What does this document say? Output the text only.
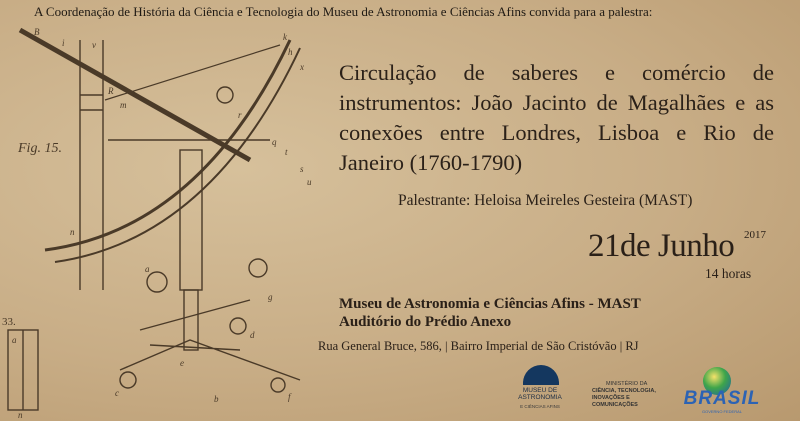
Fig. 15.
33.
B
i	v
k
h
x
R
m
r
q
t
s
n
a
g
d
e
c	f
b
u
a
n
A Coordenação de História da Ciência e Tecnologia do Museu de Astronomia e Ciências Afins convida para a palestra:
Circulação de saberes e comércio de instrumentos: João Jacinto de Magalhães e as conexões entre Londres, Lisboa e Rio de Janeiro (1760-1790)
Palestrante: Heloisa Meireles Gesteira (MAST)
21de Junho 2017
14 horas
Museu de Astronomia e Ciências Afins - MAST
Auditório do Prédio Anexo
Rua General Bruce, 586, | Bairro Imperial de São Cristóvão | RJ
MUSEU DE
ASTRONOMIA
E CIÊNCIAS AFINS
MINISTÉRIO DA
CIÊNCIA, TECNOLOGIA,
INOVAÇÕES E COMUNICAÇÕES	BRASIL
GOVERNO FEDERAL
